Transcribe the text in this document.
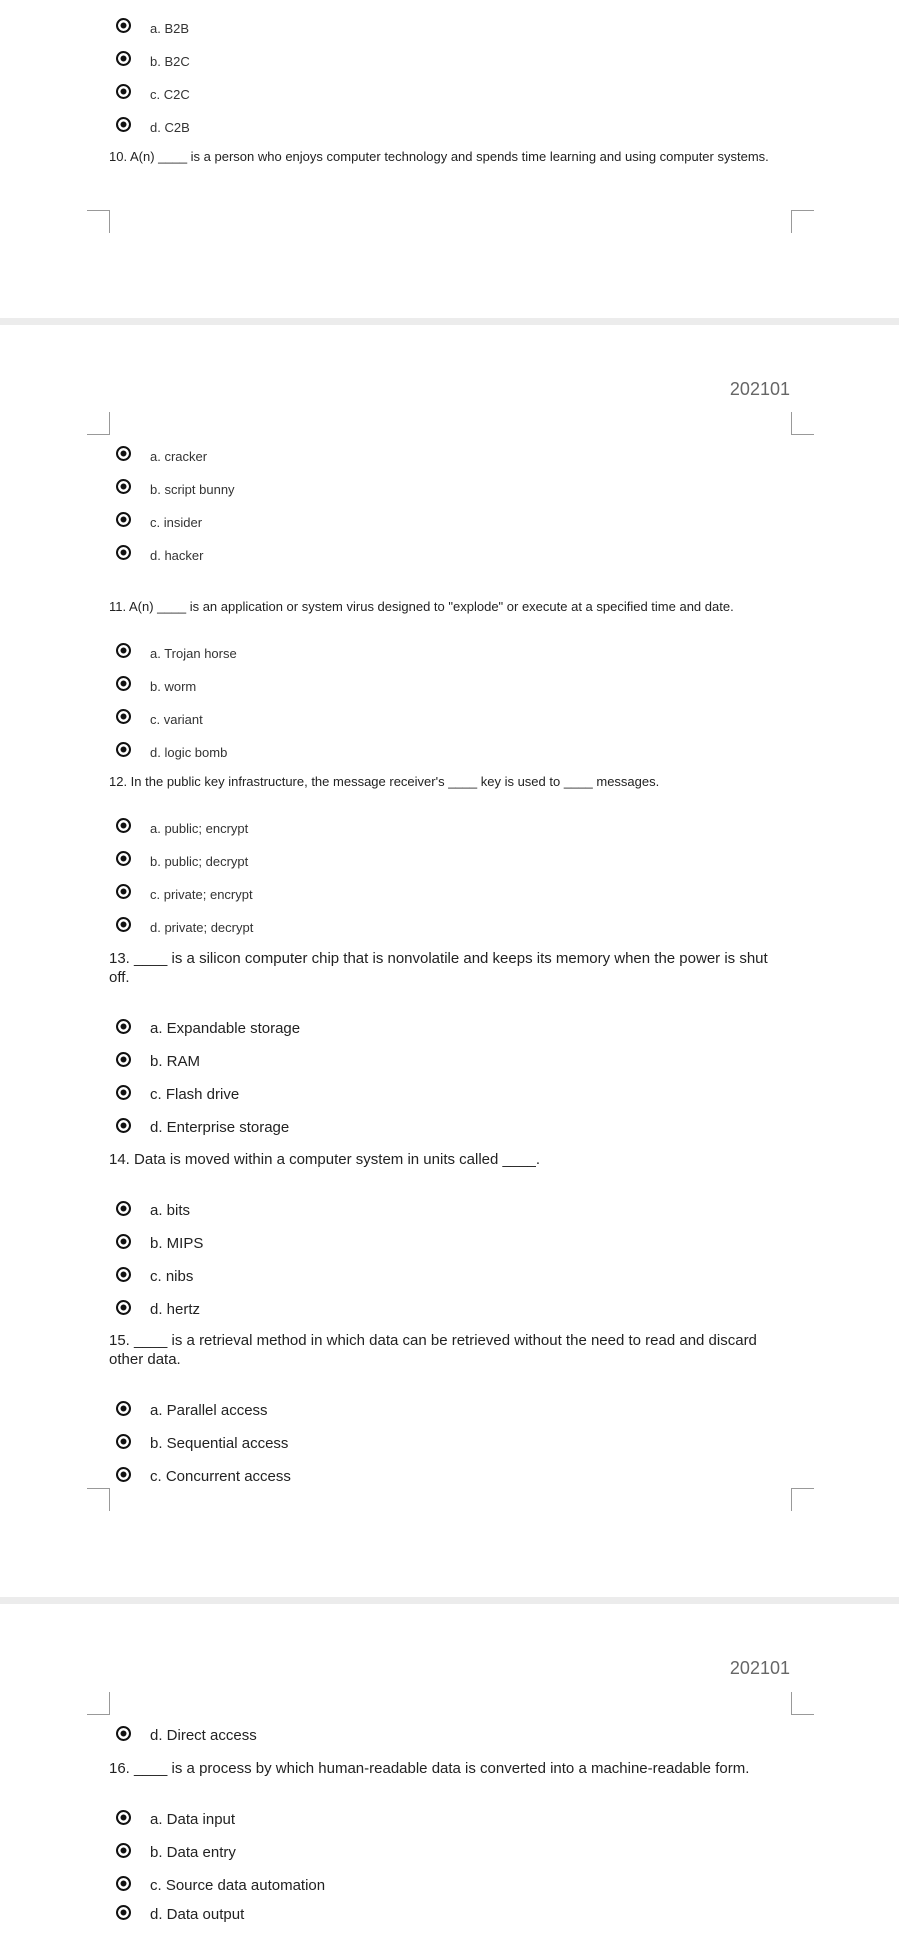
a. B2B
b. B2C
c. C2C
d. C2B
10. A(n) ____ is a person who enjoys computer technology and spends time learning and using computer systems.
202101
a. cracker
b. script bunny
c. insider
d. hacker
11. A(n) ____ is an application or system virus designed to "explode" or execute at a specified time and date.
a. Trojan horse
b. worm
c. variant
d. logic bomb
12. In the public key infrastructure, the message receiver's ____ key is used to ____ messages.
a. public; encrypt
b. public; decrypt
c. private; encrypt
d. private; decrypt
13. ____ is a silicon computer chip that is nonvolatile and keeps its memory when the power is shut off.
a. Expandable storage
b. RAM
c. Flash drive
d. Enterprise storage
14. Data is moved within a computer system in units called ____.
a. bits
b. MIPS
c. nibs
d. hertz
15. ____ is a retrieval method in which data can be retrieved without the need to read and discard other data.
a. Parallel access
b. Sequential access
c. Concurrent access
202101
d. Direct access
16. ____ is a process by which human-readable data is converted into a machine-readable form.
a. Data input
b. Data entry
c. Source data automation
d. Data output
